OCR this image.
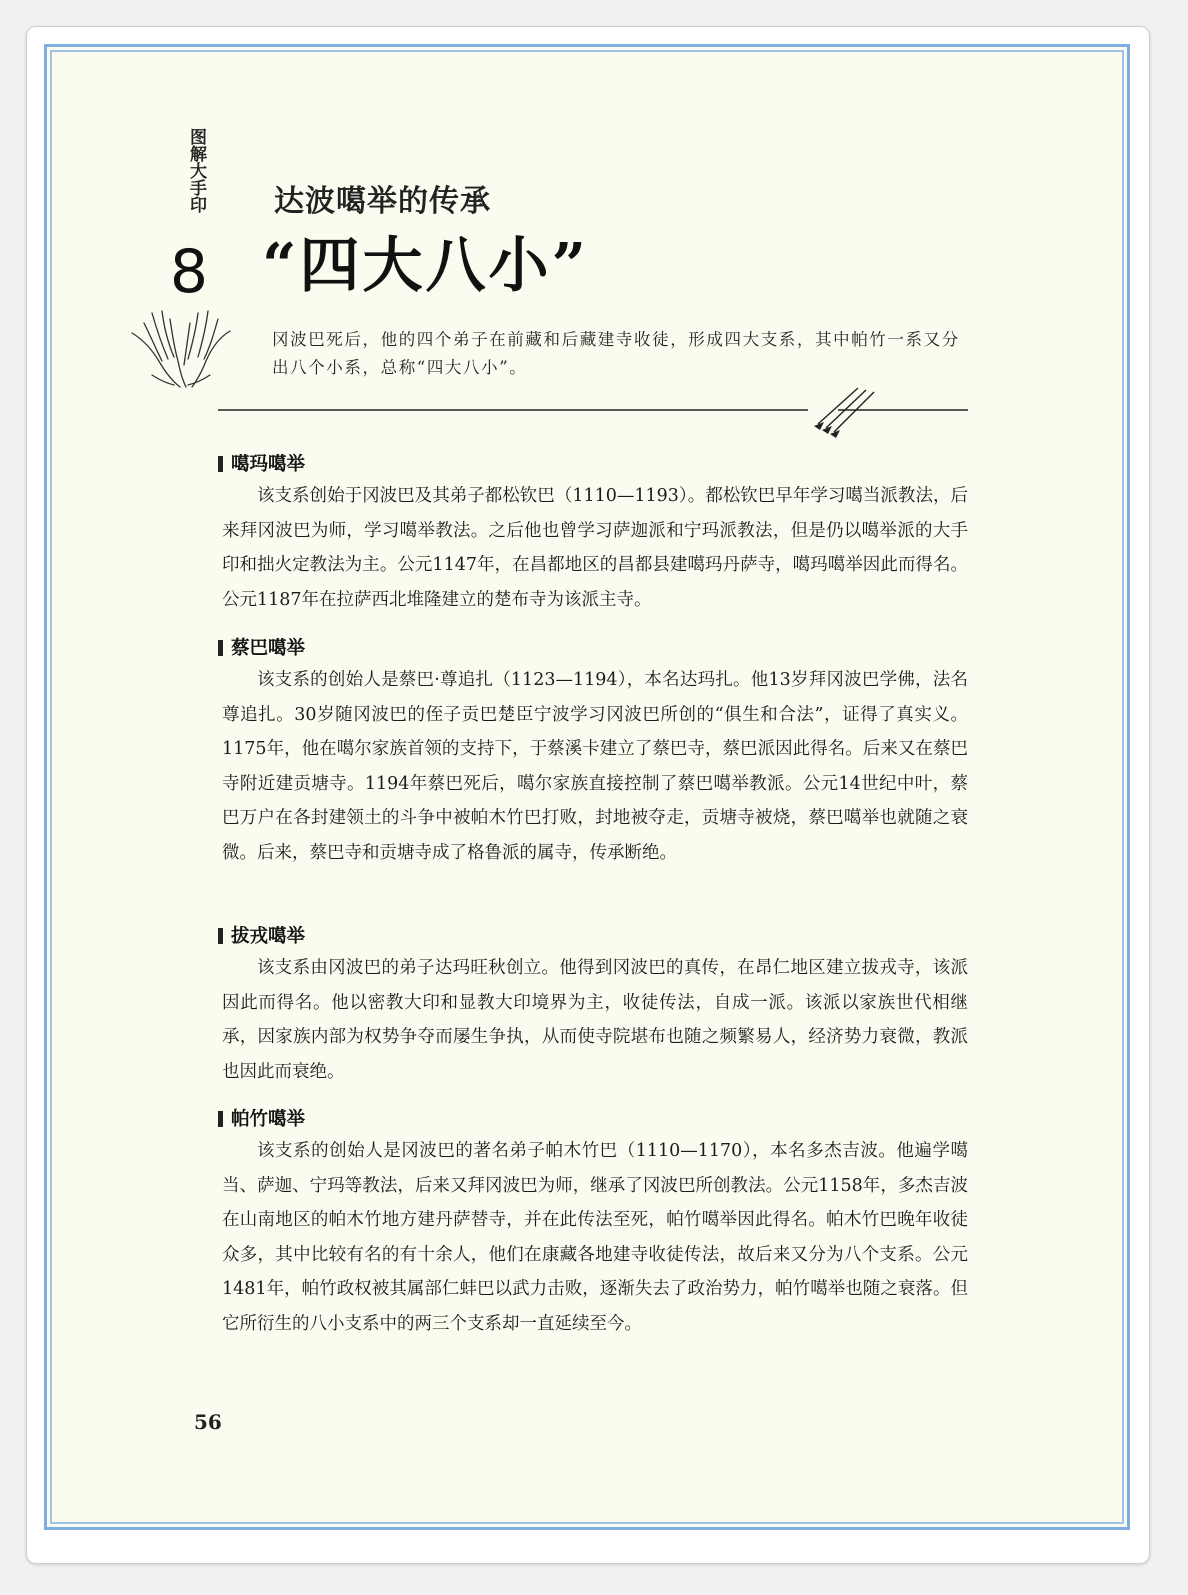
图解大手印
8
达波噶举的传承
“四大八小”
冈波巴死后，他的四个弟子在前藏和后藏建寺收徒，形成四大支系，其中帕竹一系又分出八个小系，总称“四大八小”。
噶玛噶举
该支系创始于冈波巴及其弟子都松钦巴（1110—1193）。都松钦巴早年学习噶当派教法，后来拜冈波巴为师，学习噶举教法。之后他也曾学习萨迦派和宁玛派教法，但是仍以噶举派的大手印和拙火定教法为主。公元1147年，在昌都地区的昌都县建噶玛丹萨寺，噶玛噶举因此而得名。公元1187年在拉萨西北堆隆建立的楚布寺为该派主寺。
蔡巴噶举
该支系的创始人是蔡巴·尊追扎（1123—1194），本名达玛扎。他13岁拜冈波巴学佛，法名尊追扎。30岁随冈波巴的侄子贡巴楚臣宁波学习冈波巴所创的“俱生和合法”，证得了真实义。1175年，他在噶尔家族首领的支持下，于蔡溪卡建立了蔡巴寺，蔡巴派因此得名。后来又在蔡巴寺附近建贡塘寺。1194年蔡巴死后，噶尔家族直接控制了蔡巴噶举教派。公元14世纪中叶，蔡巴万户在各封建领土的斗争中被帕木竹巴打败，封地被夺走，贡塘寺被烧，蔡巴噶举也就随之衰微。后来，蔡巴寺和贡塘寺成了格鲁派的属寺，传承断绝。
拔戎噶举
该支系由冈波巴的弟子达玛旺秋创立。他得到冈波巴的真传，在昂仁地区建立拔戎寺，该派因此而得名。他以密教大印和显教大印境界为主，收徒传法，自成一派。该派以家族世代相继承，因家族内部为权势争夺而屡生争执，从而使寺院堪布也随之频繁易人，经济势力衰微，教派也因此而衰绝。
帕竹噶举
该支系的创始人是冈波巴的著名弟子帕木竹巴（1110—1170），本名多杰吉波。他遍学噶当、萨迦、宁玛等教法，后来又拜冈波巴为师，继承了冈波巴所创教法。公元1158年，多杰吉波在山南地区的帕木竹地方建丹萨替寺，并在此传法至死，帕竹噶举因此得名。帕木竹巴晚年收徒众多，其中比较有名的有十余人，他们在康藏各地建寺收徒传法，故后来又分为八个支系。公元1481年，帕竹政权被其属部仁蚌巴以武力击败，逐渐失去了政治势力，帕竹噶举也随之衰落。但它所衍生的八小支系中的两三个支系却一直延续至今。
56
